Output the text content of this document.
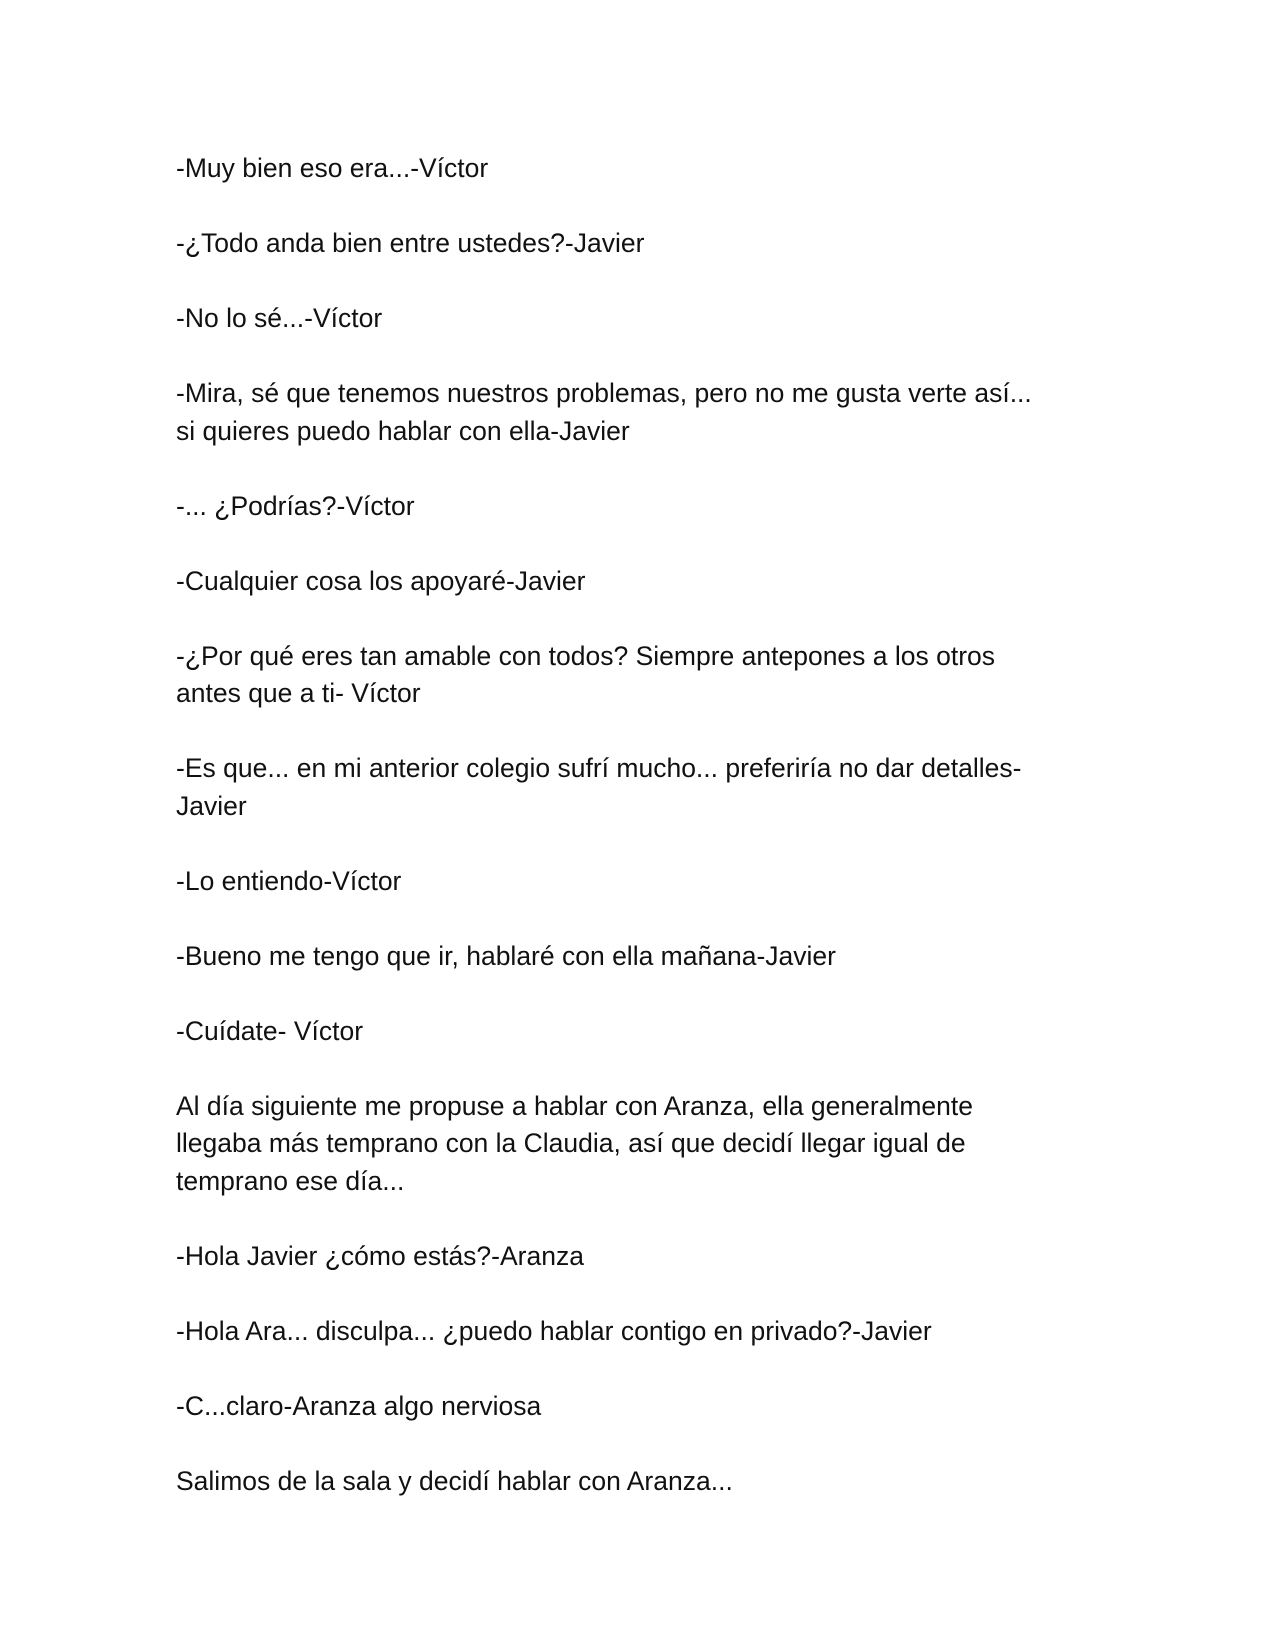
-Muy bien eso era...-Víctor

-¿Todo anda bien entre ustedes?-Javier

-No lo sé...-Víctor

-Mira, sé que tenemos nuestros problemas, pero no me gusta verte así...
si quieres puedo hablar con ella-Javier

-... ¿Podrías?-Víctor

-Cualquier cosa los apoyaré-Javier

-¿Por qué eres tan amable con todos? Siempre antepones a los otros
antes que a ti- Víctor

-Es que... en mi anterior colegio sufrí mucho... preferiría no dar detalles-
Javier

-Lo entiendo-Víctor

-Bueno me tengo que ir, hablaré con ella mañana-Javier

-Cuídate- Víctor

Al día siguiente me propuse a hablar con Aranza, ella generalmente
llegaba más temprano con la Claudia, así que decidí llegar igual de
temprano ese día...

-Hola Javier ¿cómo estás?-Aranza

-Hola Ara... disculpa... ¿puedo hablar contigo en privado?-Javier

-C...claro-Aranza algo nerviosa

Salimos de la sala y decidí hablar con Aranza...
